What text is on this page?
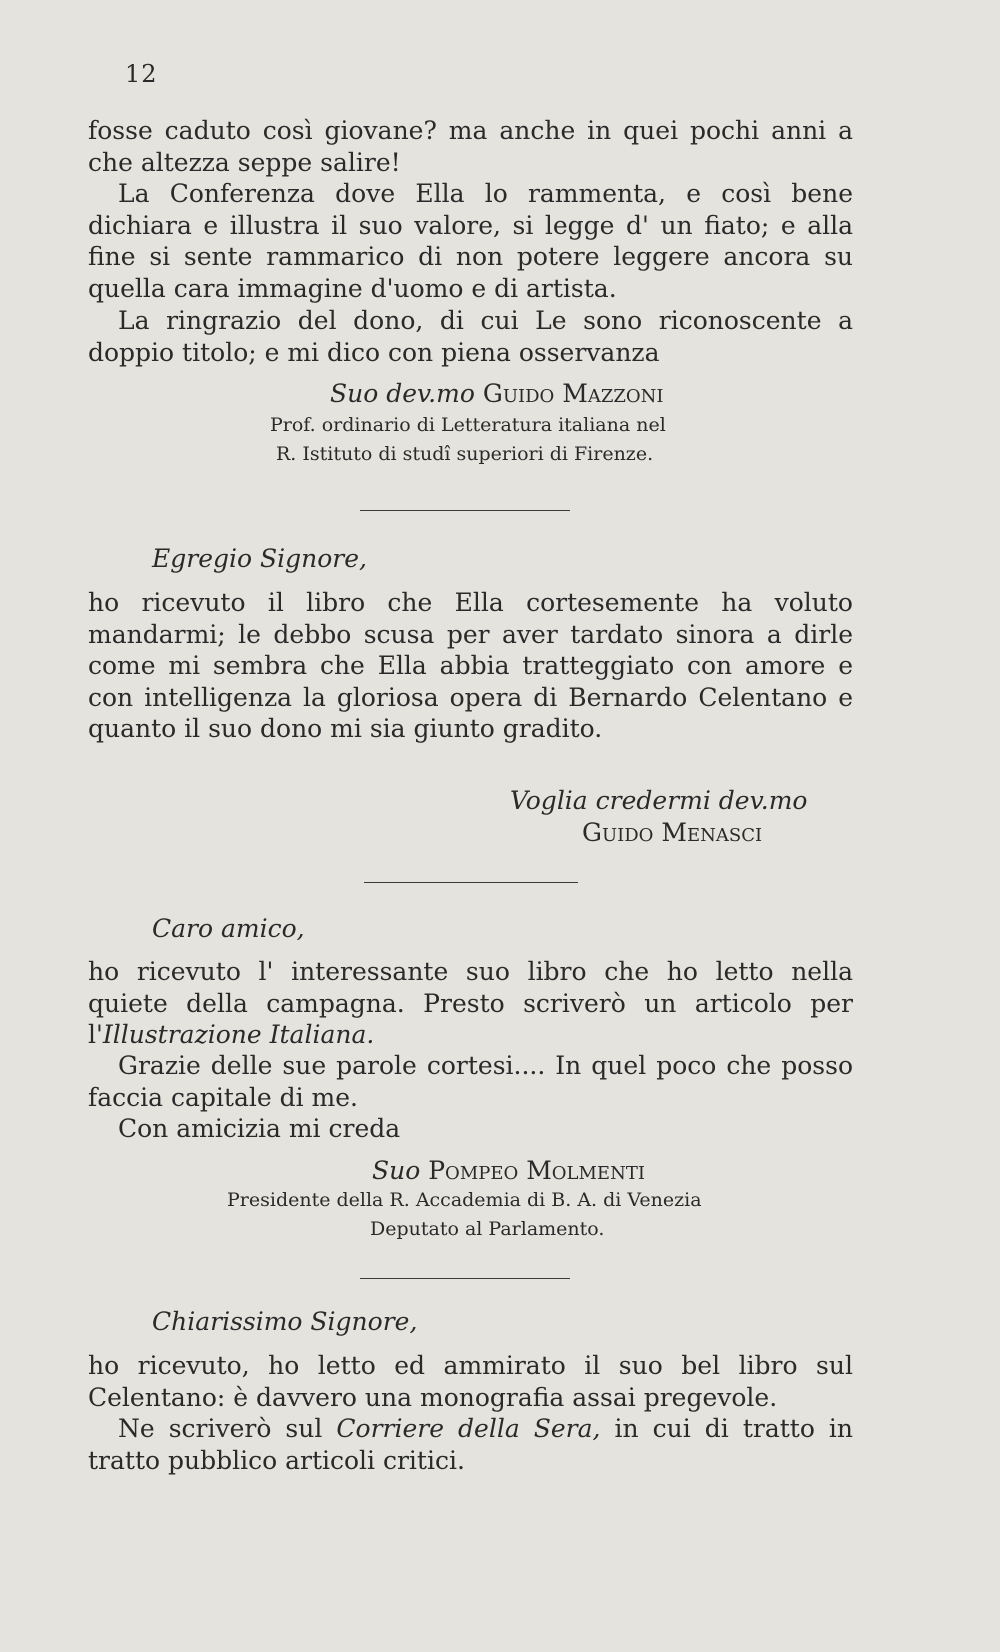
12

fosse caduto così giovane? ma anche in quei pochi anni a che altezza seppe salire!

La Conferenza dove Ella lo rammenta, e così bene dichiara e illustra il suo valore, si legge d' un fiato; e alla fine si sente rammarico di non potere leggere ancora su quella cara immagine d'uomo e di artista.

La ringrazio del dono, di cui Le sono riconoscente a doppio titolo; e mi dico con piena osservanza

Suo dev.mo Guido Mazzoni
Prof. ordinario di Letteratura italiana nel
R. Istituto di studî superiori di Firenze.
Egregio Signore,

ho ricevuto il libro che Ella cortesemente ha voluto mandarmi; le debbo scusa per aver tardato sinora a dirle come mi sembra che Ella abbia tratteggiato con amore e con intelligenza la gloriosa opera di Bernardo Celentano e quanto il suo dono mi sia giunto gradito.

Voglia credermi dev.mo
Guido Menasci
Caro amico,

ho ricevuto l' interessante suo libro che ho letto nella quiete della campagna. Presto scriverò un articolo per l'Illustrazione Italiana.

Grazie delle sue parole cortesi.... In quel poco che posso faccia capitale di me.

Con amicizia mi creda

Suo Pompeo Molmenti
Presidente della R. Accademia di B. A. di Venezia
Deputato al Parlamento.
Chiarissimo Signore,

ho ricevuto, ho letto ed ammirato il suo bel libro sul Celentano: è davvero una monografia assai pregevole.

Ne scriverò sul Corriere della Sera, in cui di tratto in tratto pubblico articoli critici.
